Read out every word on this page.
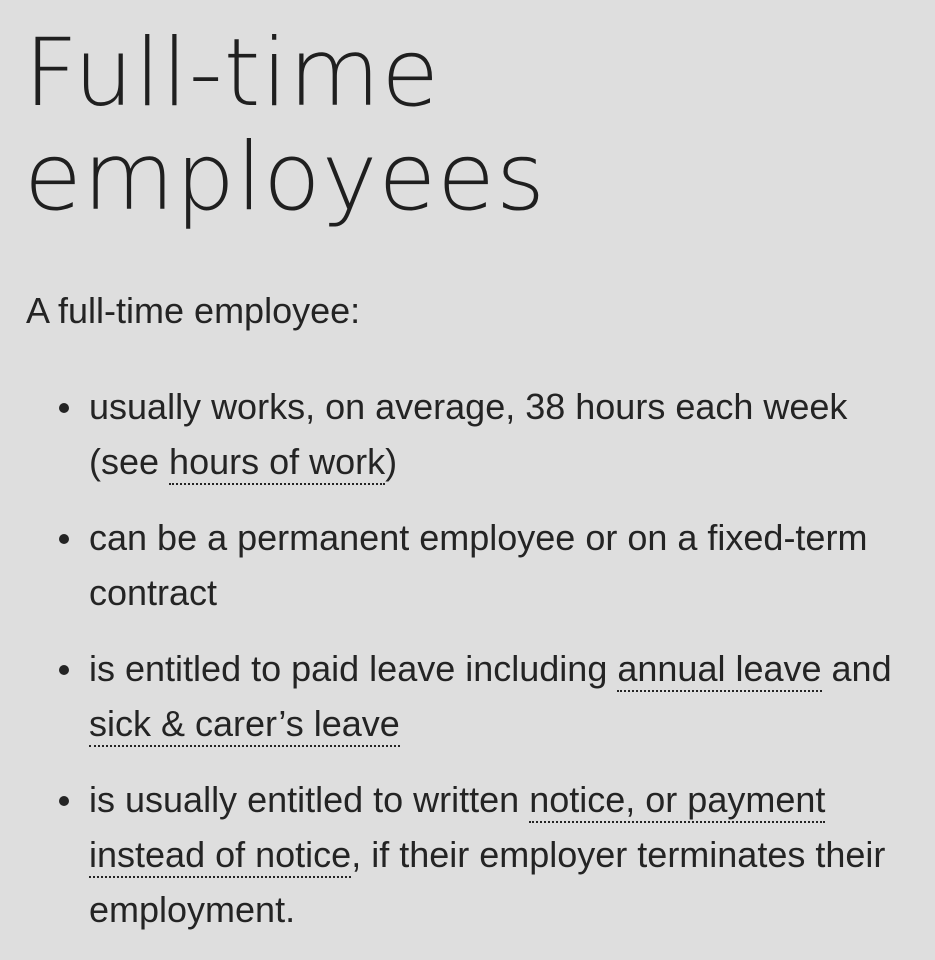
Full-time employees

A full-time employee:

usually works, on average, 38 hours each week (see hours of work)
can be a permanent employee or on a fixed-term contract
is entitled to paid leave including annual leave and sick & carer’s leave
is usually entitled to written notice, or payment instead of notice, if their employer terminates their employment.
